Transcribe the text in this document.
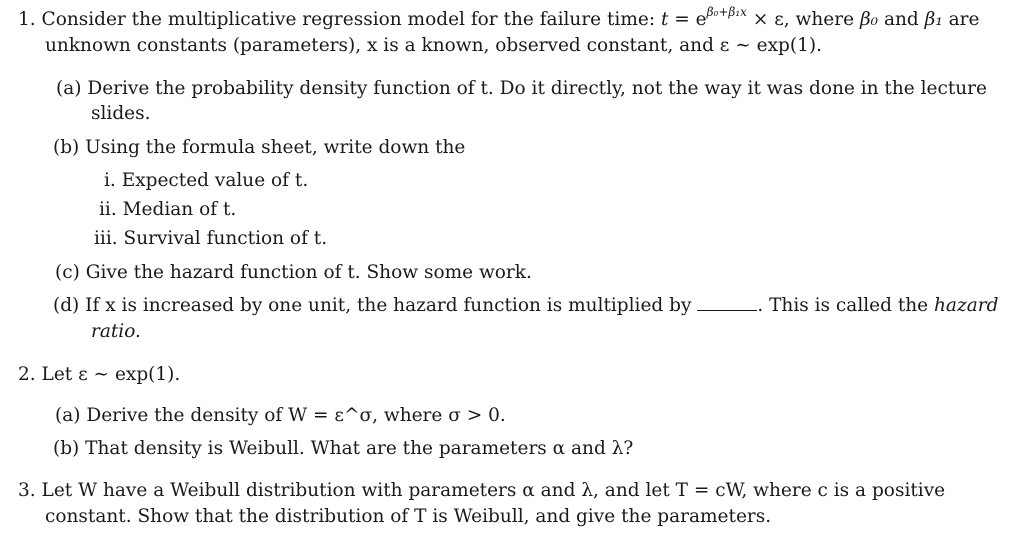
1. Consider the multiplicative regression model for the failure time: $t = e^{\beta_0+\beta_1x} \times \varepsilon$, where β₀ and β₁ are
unknown constants (parameters), x is a known, observed constant, and ε ∼ exp(1).
(a) Derive the probability density function of t. Do it directly, not the way it was done in the lecture
slides.
(b) Using the formula sheet, write down the
i. Expected value of t.
ii. Median of t.
iii. Survival function of t.
(c) Give the hazard function of t. Show some work.
(d) If x is increased by one unit, the hazard function is multiplied by	. This is called the hazard
ratio.
2. Let ε ∼ exp(1).
(a) Derive the density of W = ε^σ, where σ > 0.
(b) That density is Weibull. What are the parameters α and λ?
3. Let W have a Weibull distribution with parameters α and λ, and let T = cW, where c is a positive
constant. Show that the distribution of T is Weibull, and give the parameters.
